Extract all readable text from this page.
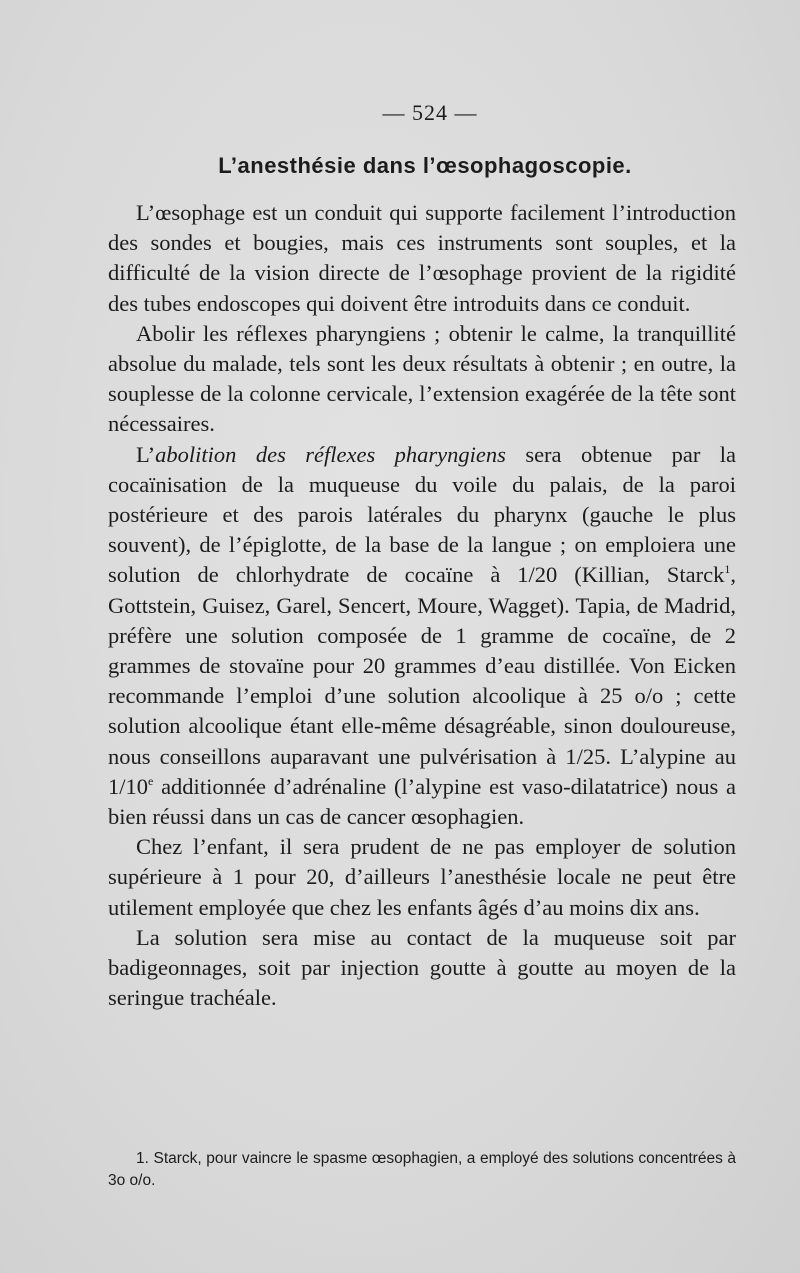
— 524 —
L’anesthésie dans l’œsophagoscopie.

L’œsophage est un conduit qui supporte facilement l’introduction des sondes et bougies, mais ces instruments sont souples, et la difficulté de la vision directe de l’œsophage provient de la rigidité des tubes endoscopes qui doivent être introduits dans ce conduit.

Abolir les réflexes pharyngiens ; obtenir le calme, la tranquillité absolue du malade, tels sont les deux résultats à obtenir ; en outre, la souplesse de la colonne cervicale, l’extension exagérée de la tête sont nécessaires.

L’abolition des réflexes pharyngiens sera obtenue par la cocaïnisation de la muqueuse du voile du palais, de la paroi postérieure et des parois latérales du pharynx (gauche le plus souvent), de l’épiglotte, de la base de la langue ; on emploiera une solution de chlorhydrate de cocaïne à 1/20 (Killian, Starck$^1$, Gottstein, Guisez, Garel, Sencert, Moure, Wagget). Tapia, de Madrid, préfère une solution composée de 1 gramme de cocaïne, de 2 grammes de stovaïne pour 20 grammes d’eau distillée. Von Eicken recommande l’emploi d’une solution alcoolique à 25 o/o ; cette solution alcoolique étant elle-même désagréable, sinon douloureuse, nous conseillons auparavant une pulvérisation à 1/25. L’alypine au 1/10e additionnée d’adrénaline (l’alypine est vaso-dilatatrice) nous a bien réussi dans un cas de cancer œsophagien.

Chez l’enfant, il sera prudent de ne pas employer de solution supérieure à 1 pour 20, d’ailleurs l’anesthésie locale ne peut être utilement employée que chez les enfants âgés d’au moins dix ans.

La solution sera mise au contact de la muqueuse soit par badigeonnages, soit par injection goutte à goutte au moyen de la seringue trachéale.

1. Starck, pour vaincre le spasme œsophagien, a employé des solutions concentrées à 3o o/o.
